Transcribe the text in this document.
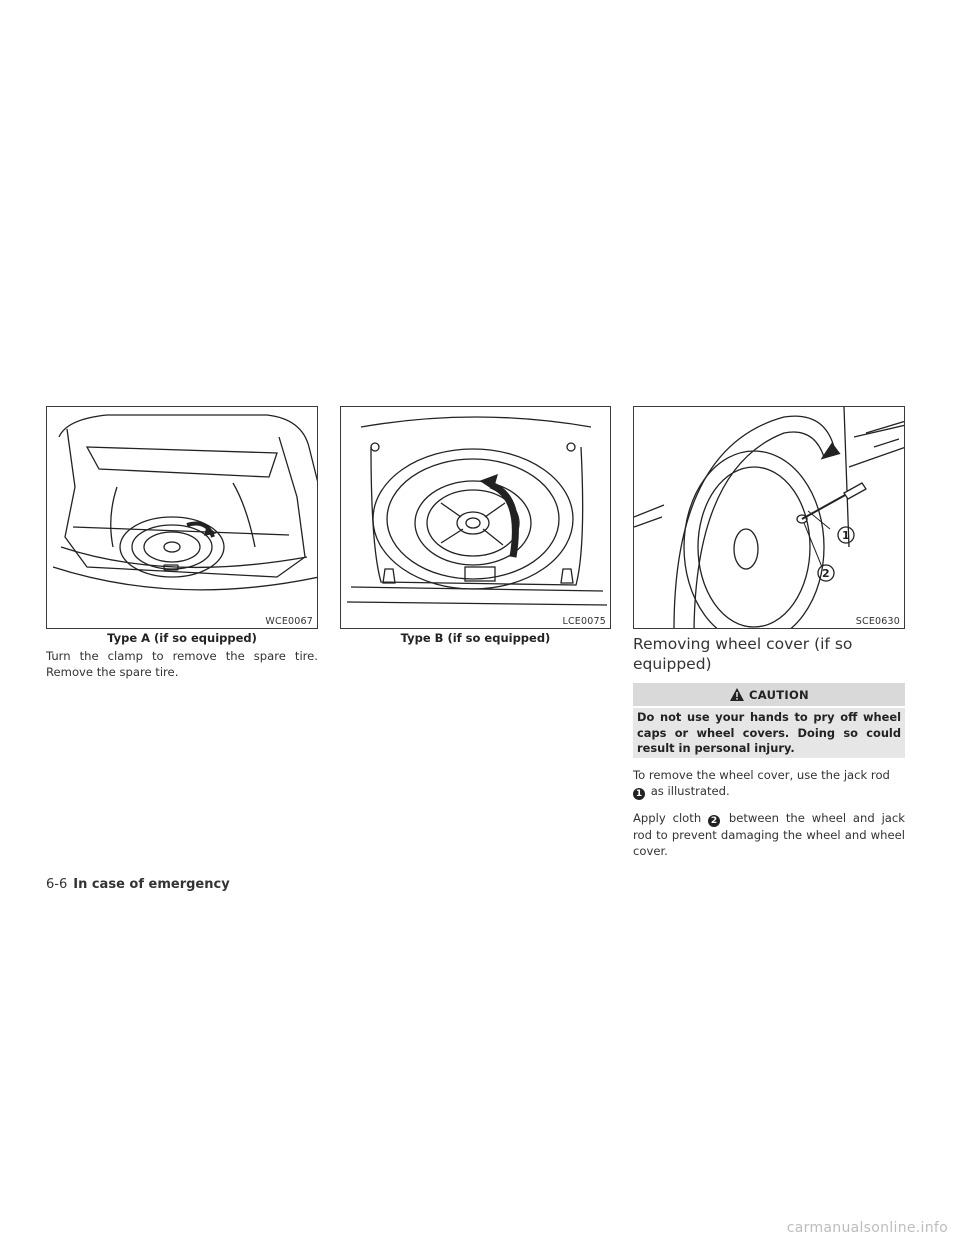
WCE0067
Type A (if so equipped)
LCE0075
Type B (if so equipped)
1
2
SCE0630
Turn the clamp to remove the spare tire. Remove the spare tire.
Removing wheel cover (if so equipped)
CAUTION
Do not use your hands to pry off wheel caps or wheel covers. Doing so could result in personal injury.
To remove the wheel cover, use the jack rod
1 as illustrated.
Apply cloth 2 between the wheel and jack rod to prevent damaging the wheel and wheel cover.
6-6 In case of emergency
carmanualsonline.info
